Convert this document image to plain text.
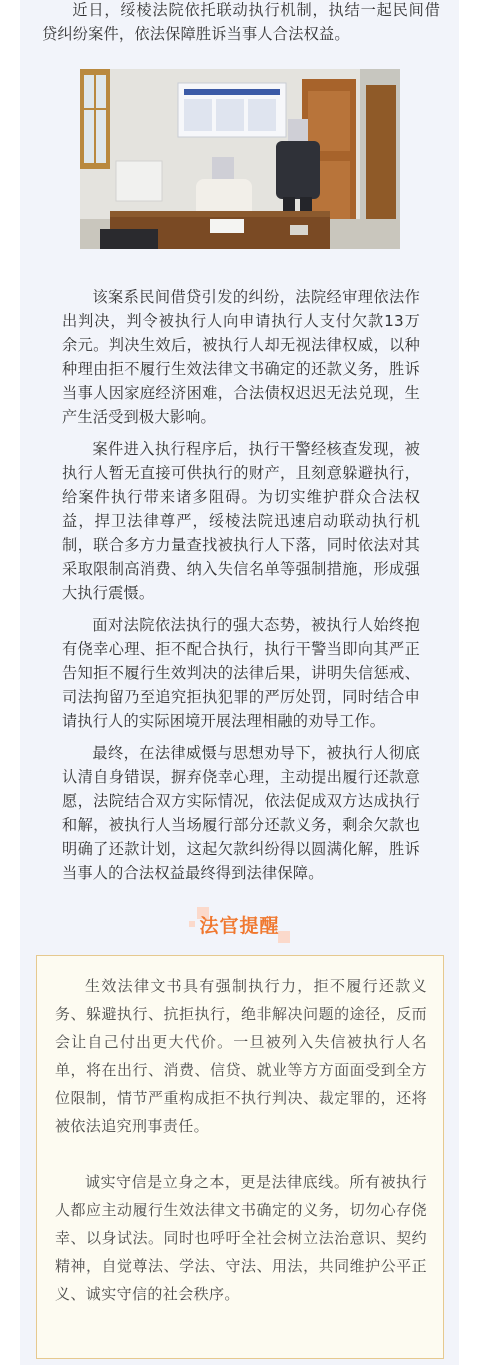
近日，绥棱法院依托联动执行机制，执结一起民间借贷纠纷案件，依法保障胜诉当事人合法权益。

该案系民间借贷引发的纠纷，法院经审理依法作出判决，判令被执行人向申请执行人支付欠款13万余元。判决生效后，被执行人却无视法律权威，以种种理由拒不履行生效法律文书确定的还款义务，胜诉当事人因家庭经济困难，合法债权迟迟无法兑现，生产生活受到极大影响。

案件进入执行程序后，执行干警经核查发现，被执行人暂无直接可供执行的财产，且刻意躲避执行，给案件执行带来诸多阻碍。为切实维护群众合法权益，捍卫法律尊严，绥棱法院迅速启动联动执行机制，联合多方力量查找被执行人下落，同时依法对其采取限制高消费、纳入失信名单等强制措施，形成强大执行震慑。

面对法院依法执行的强大态势，被执行人始终抱有侥幸心理、拒不配合执行，执行干警当即向其严正告知拒不履行生效判决的法律后果，讲明失信惩戒、司法拘留乃至追究拒执犯罪的严厉处罚，同时结合申请执行人的实际困境开展法理相融的劝导工作。

最终，在法律威慑与思想劝导下，被执行人彻底认清自身错误，摒弃侥幸心理，主动提出履行还款意愿，法院结合双方实际情况，依法促成双方达成执行和解，被执行人当场履行部分还款义务，剩余欠款也明确了还款计划，这起欠款纠纷得以圆满化解，胜诉当事人的合法权益最终得到法律保障。

法官提醒

生效法律文书具有强制执行力，拒不履行还款义务、躲避执行、抗拒执行，绝非解决问题的途径，反而会让自己付出更大代价。一旦被列入失信被执行人名单，将在出行、消费、信贷、就业等方方面面受到全方位限制，情节严重构成拒不执行判决、裁定罪的，还将被依法追究刑事责任。

诚实守信是立身之本，更是法律底线。所有被执行人都应主动履行生效法律文书确定的义务，切勿心存侥幸、以身试法。同时也呼吁全社会树立法治意识、契约精神，自觉尊法、学法、守法、用法，共同维护公平正义、诚实守信的社会秩序。
